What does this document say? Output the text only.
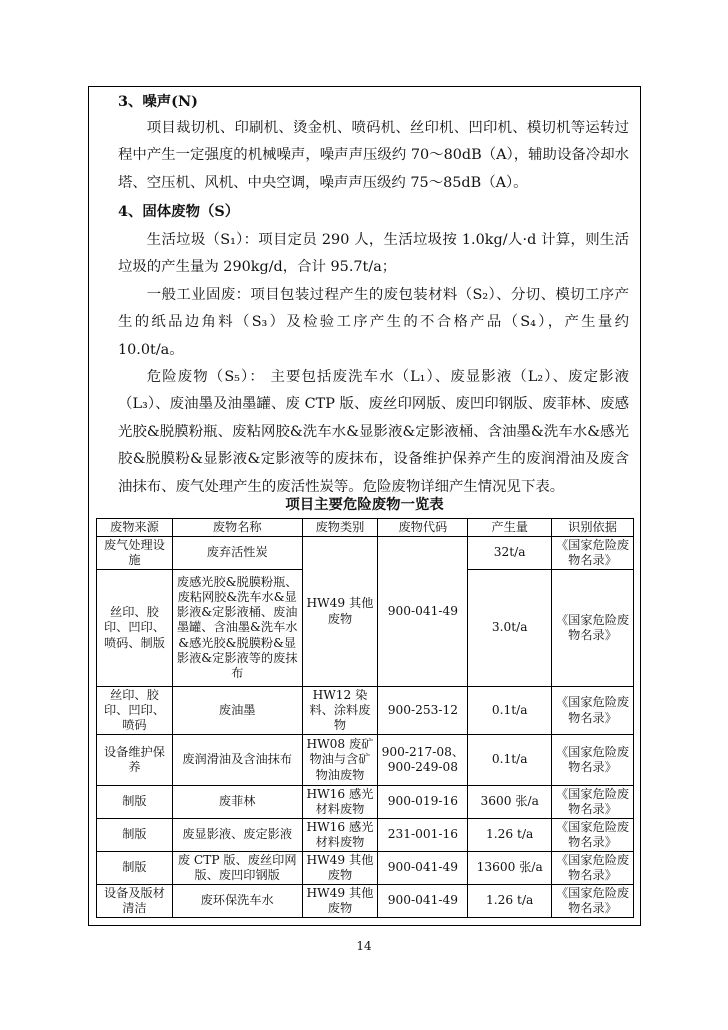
3、噪声(N)

项目裁切机、印刷机、烫金机、喷码机、丝印机、凹印机、模切机等运转过程中产生一定强度的机械噪声，噪声声压级约 70～80dB（A），辅助设备冷却水塔、空压机、风机、中央空调，噪声声压级约 75～85dB（A）。

4、固体废物（S）

生活垃圾（S₁）：项目定员 290 人，生活垃圾按 1.0kg/人·d 计算，则生活垃圾的产生量为 290kg/d，合计 95.7t/a；

一般工业固废：项目包装过程产生的废包装材料（S₂）、分切、模切工序产生的纸品边角料（S₃）及检验工序产生的不合格产品（S₄），产生量约 10.0t/a。

危险废物（S₅）： 主要包括废洗车水（L₁）、废显影液（L₂）、废定影液（L₃）、废油墨及油墨罐、废 CTP 版、废丝印网版、废凹印钢版、废菲林、废感光胶&脱膜粉瓶、废粘网胶&洗车水&显影液&定影液桶、含油墨&洗车水&感光胶&脱膜粉&显影液&定影液等的废抹布，设备维护保养产生的废润滑油及废含油抹布、废气处理产生的废活性炭等。危险废物详细产生情况见下表。

项目主要危险废物一览表
废物来源	废物名称	废物类别	废物代码	产生量	识别依据
废气处理设施	废弃活性炭	HW49 其他废物	900-041-49	32t/a	《国家危险废物名录》
丝印、胶印、凹印、喷码、制版	废感光胶&脱膜粉瓶、废粘网胶&洗车水&显影液&定影液桶、废油墨罐、含油墨&洗车水&感光胶&脱膜粉&显影液&定影液等的废抹布			3.0t/a	《国家危险废物名录》
丝印、胶印、凹印、喷码	废油墨	HW12 染料、涂料废物	900-253-12	0.1t/a	《国家危险废物名录》
设备维护保养	废润滑油及含油抹布	HW08 废矿物油与含矿物油废物	900-217-08、900-249-08	0.1t/a	《国家危险废物名录》
制版	废菲林	HW16 感光材料废物	900-019-16	3600 张/a	《国家危险废物名录》
制版	废显影液、废定影液	HW16 感光材料废物	231-001-16	1.26 t/a	《国家危险废物名录》
制版	废 CTP 版、废丝印网版、废凹印钢版	HW49 其他废物	900-041-49	13600 张/a	《国家危险废物名录》
设备及版材清洁	废环保洗车水	HW49 其他废物	900-041-49	1.26 t/a	《国家危险废物名录》
14
